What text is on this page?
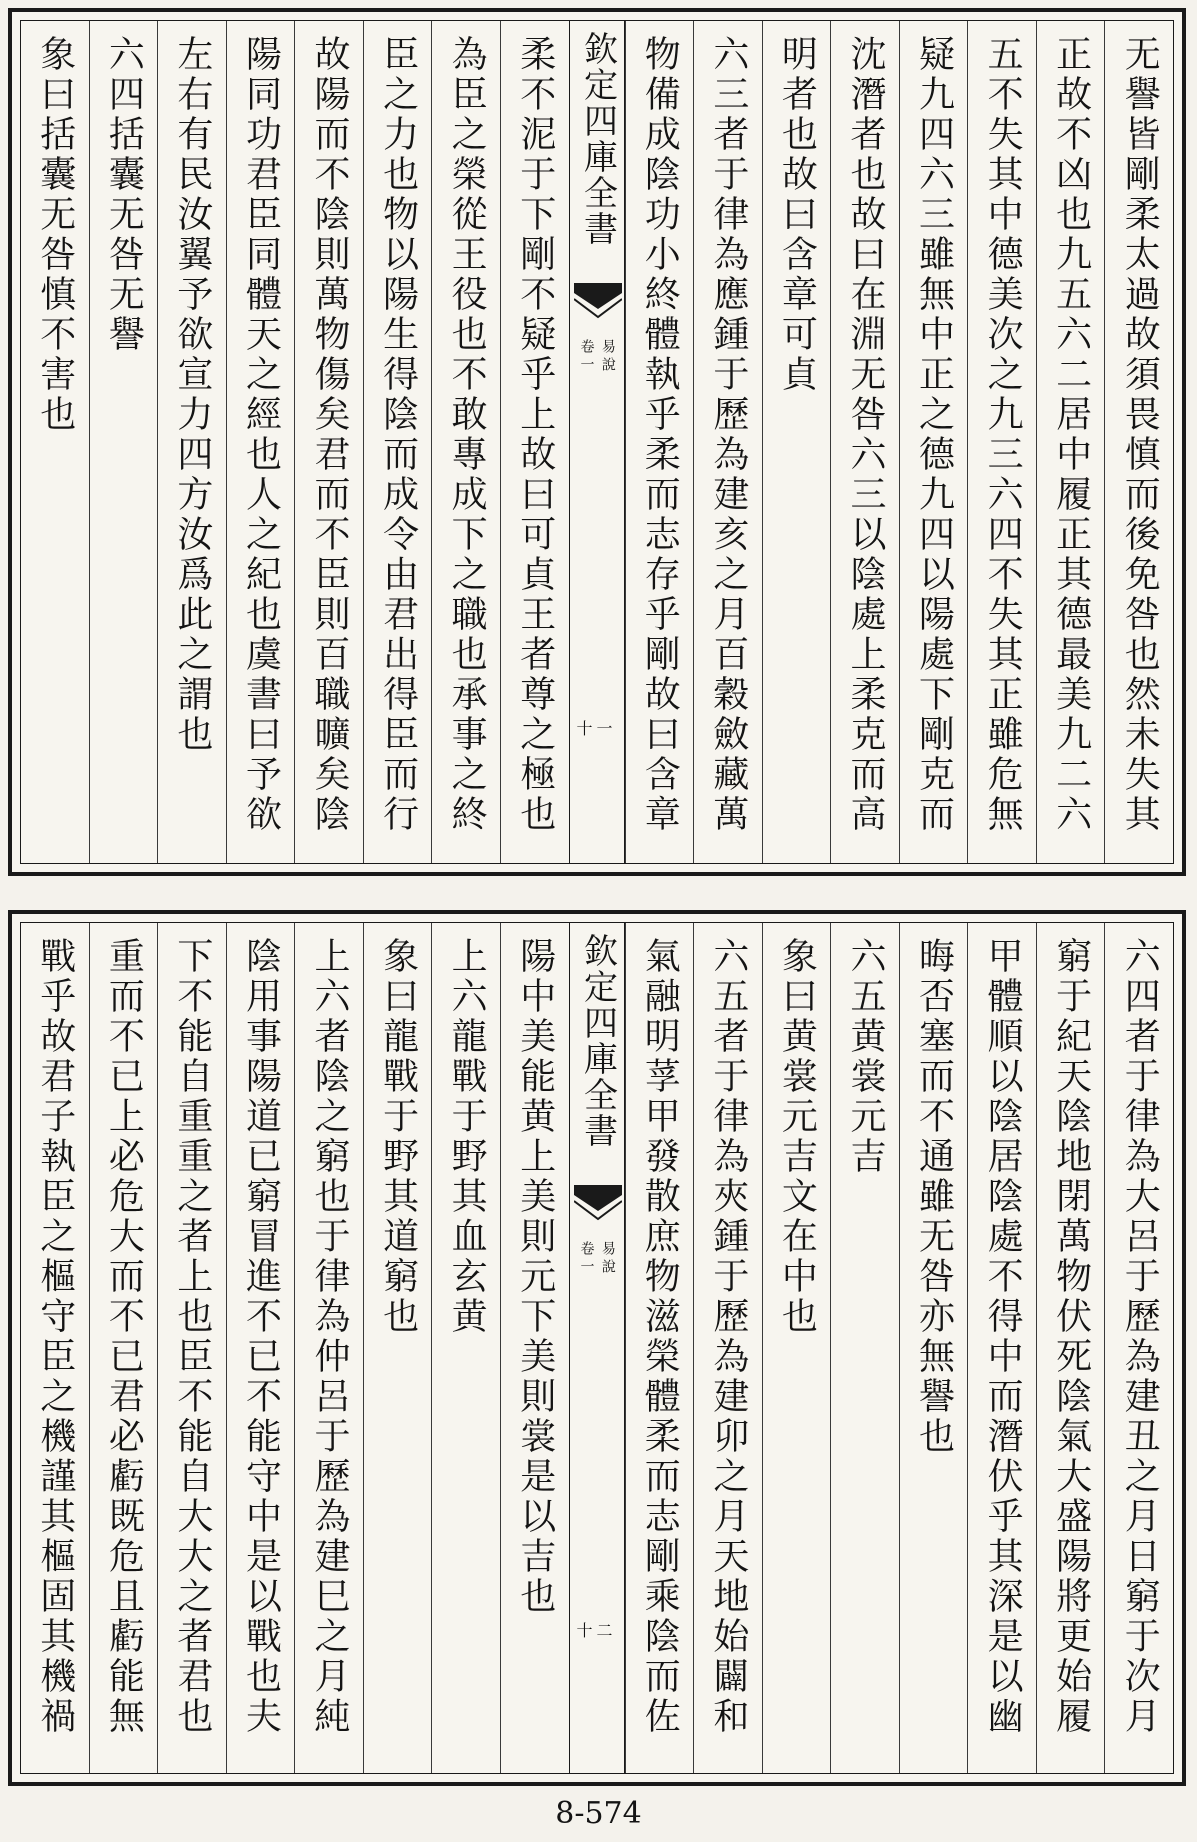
无譽皆剛柔太過故須畏慎而後免咎也然未失其
正故不凶也九五六二居中履正其德最美九二六
五不失其中德美次之九三六四不失其正雖危無
疑九四六三雖無中正之德九四以陽處下剛克而
沈潛者也故曰在淵无咎六三以陰處上柔克而高
明者也故曰含章可貞
六三者于律為應鍾于歷為建亥之月百穀斂藏萬
物備成陰功小終體執乎柔而志存乎剛故曰含章
欽定四庫全書
易說
卷一
十一
柔不泥于下剛不疑乎上故曰可貞王者尊之極也
為臣之榮從王役也不敢專成下之職也承事之終
臣之力也物以陽生得陰而成令由君出得臣而行
故陽而不陰則萬物傷矣君而不臣則百職曠矣陰
陽同功君臣同體天之經也人之紀也虞書曰予欲
左右有民汝翼予欲宣力四方汝爲此之謂也
六四括囊无咎无譽
象曰括囊无咎慎不害也
六四者于律為大呂于歷為建丑之月日窮于次月
窮于紀天陰地閉萬物伏死陰氣大盛陽將更始履
甲體順以陰居陰處不得中而潛伏乎其深是以幽
晦否塞而不通雖无咎亦無譽也
六五黄裳元吉
象曰黄裳元吉文在中也
六五者于律為夾鍾于歷為建卯之月天地始闢和
氣融明莩甲發散庶物滋榮體柔而志剛乘陰而佐
欽定四庫全書
易說
卷一
十二
陽中美能黄上美則元下美則裳是以吉也
上六龍戰于野其血玄黄
象曰龍戰于野其道窮也
上六者陰之窮也于律為仲呂于歷為建巳之月純
陰用事陽道已窮冒進不已不能守中是以戰也夫
下不能自重重之者上也臣不能自大大之者君也
重而不已上必危大而不已君必虧既危且虧能無
戰乎故君子執臣之樞守臣之機謹其樞固其機禍
8-574
